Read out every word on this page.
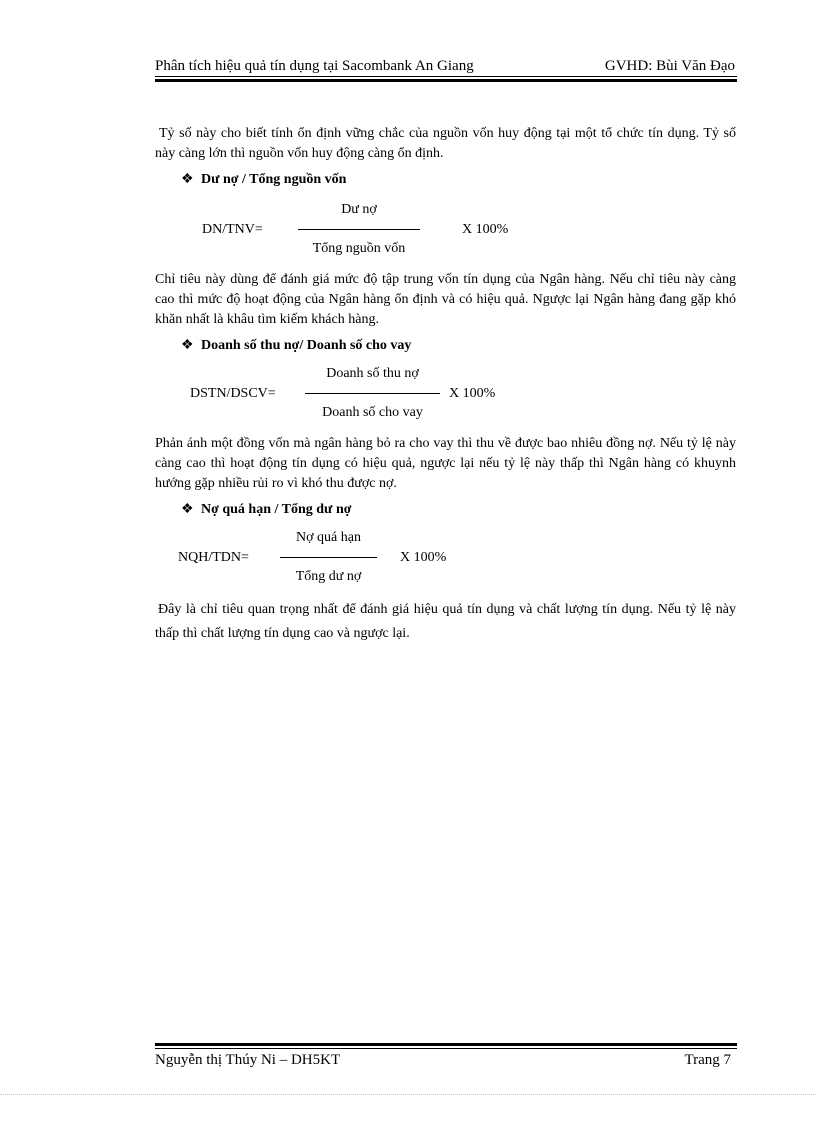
Phân tích hiệu quả tín dụng tại Sacombank An Giang	GVHD: Bùi Văn Đạo

Tỷ số này cho biết tính ổn định vững chắc của nguồn vốn huy động tại một tổ chức tín dụng. Tỷ số này càng lớn thì nguồn vốn huy động càng ổn định.

❖ Dư nợ / Tổng nguồn vốn
DN/TNV=
Dư nợ
Tổng nguồn vốn
X 100%

Chỉ tiêu này dùng để đánh giá mức độ tập trung vốn tín dụng của Ngân hàng. Nếu chỉ tiêu này càng cao thì mức độ hoạt động của Ngân hàng ổn định và có hiệu quả. Ngược lại Ngân hàng đang gặp khó khăn nhất là khâu tìm kiếm khách hàng.

❖ Doanh số thu nợ/ Doanh số cho vay
DSTN/DSCV=
Doanh số thu nợ
Doanh số cho vay
X 100%

Phản ánh một đồng vốn mà ngân hàng bỏ ra cho vay thì thu về được bao nhiêu đồng nợ. Nếu tỷ lệ này càng cao thì hoạt động tín dụng có hiệu quả, ngược lại nếu tỷ lệ này thấp thì Ngân hàng có khuynh hướng gặp nhiều rủi ro vì khó thu được nợ.

❖ Nợ quá hạn / Tổng dư nợ
NQH/TDN=
Nợ quá hạn
Tổng dư nợ
X 100%

Đây là chỉ tiêu quan trọng nhất để đánh giá hiệu quả tín dụng và chất lượng tín dụng. Nếu tỷ lệ này thấp thì chất lượng tín dụng cao và ngược lại.

Nguyễn thị Thúy Ni – DH5KT	Trang 7
